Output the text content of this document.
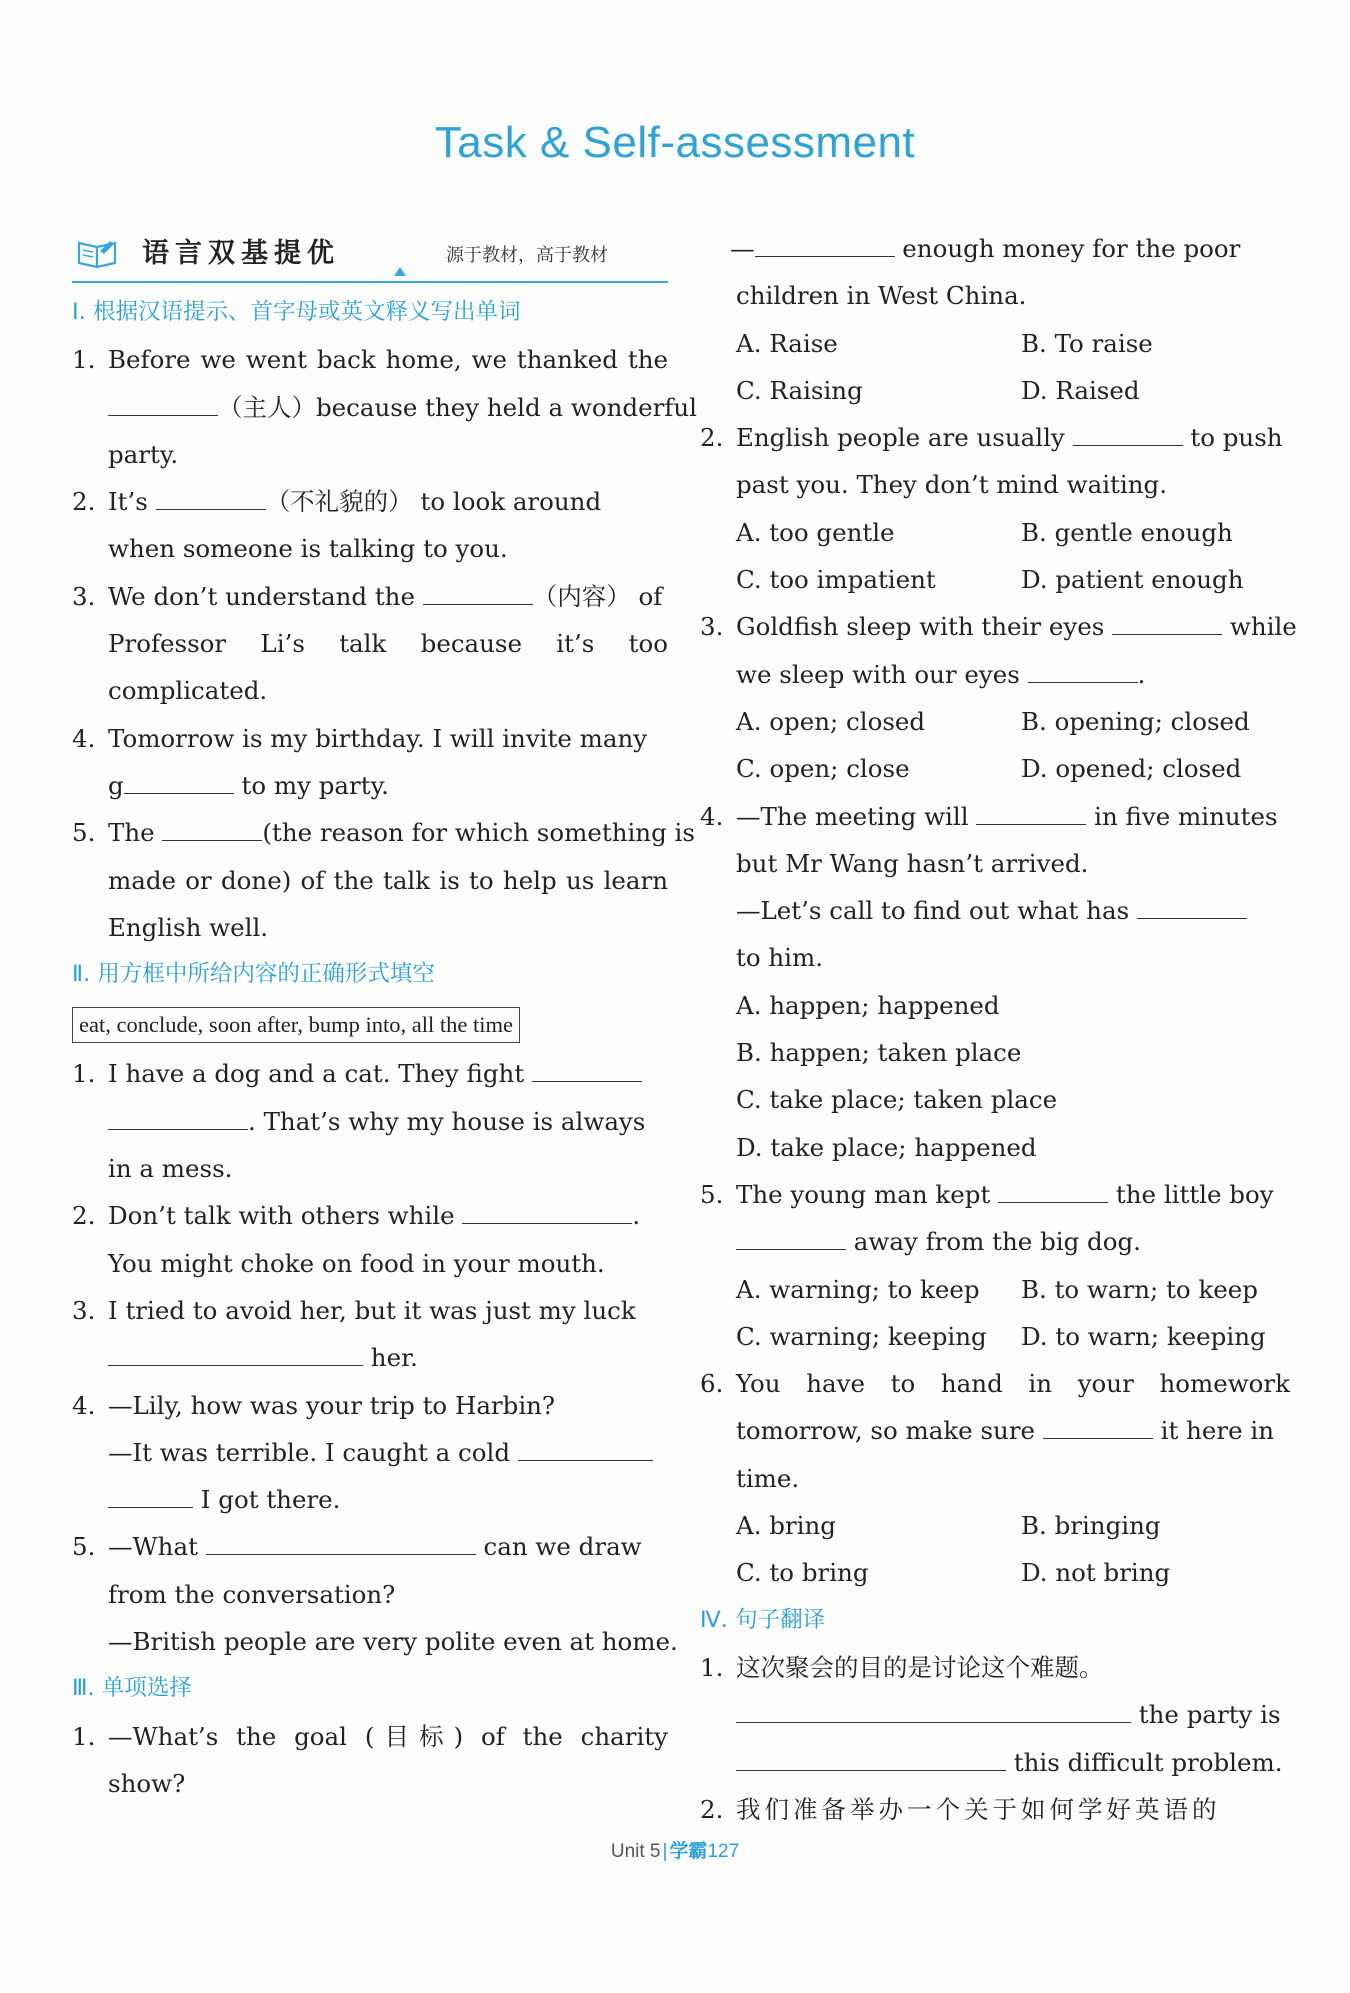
Task & Self-assessment
语言双基提优	源于教材，高于教材
Ⅰ. 根据汉语提示、首字母或英文释义写出单词
1. Before we went back home, we thanked the
（主人）because they held a wonderful
party.
2. It’s	（不礼貌的） to look around
when someone is talking to you.
3. We don’t understand the	（内容） of
Professor Li’s talk because it’s too
complicated.
4. Tomorrow is my birthday. I will invite many
g	to my party.
5. The	(the reason for which something is
made or done) of the talk is to help us learn
English well.
Ⅱ. 用方框中所给内容的正确形式填空
eat, conclude, soon after, bump into, all the time
1. I have a dog and a cat. They fight
. That’s why my house is always
in a mess.
2. Don’t talk with others while	.
You might choke on food in your mouth.
3. I tried to avoid her, but it was just my luck
her.
4. —Lily, how was your trip to Harbin?
—It was terrible. I caught a cold
I got there.
5. —What	can we draw
from the conversation?
—British people are very polite even at home.
Ⅲ. 单项选择
1. —What’s the goal (目标) of the charity
show?
—	enough money for the poor
children in West China.
A. Raise	B. To raise
C. Raising	D. Raised
2. English people are usually	to push
past you. They don’t mind waiting.
A. too gentle	B. gentle enough
C. too impatient	D. patient enough
3. Goldfish sleep with their eyes	while
we sleep with our eyes	.
A. open; closed	B. opening; closed
C. open; close	D. opened; closed
4. —The meeting will	in five minutes
but Mr Wang hasn’t arrived.
—Let’s call to find out what has
to him.
A. happen; happened
B. happen; taken place
C. take place; taken place
D. take place; happened
5. The young man kept	the little boy
away from the big dog.
A. warning; to keep B. to warn; to keep
C. warning; keeping D. to warn; keeping
6. You have to hand in your homework
tomorrow, so make sure	it here in
time.
A. bring	B. bringing
C. to bring	D. not bring
Ⅳ. 句子翻译
1. 这次聚会的目的是讨论这个难题。
the party is
this difficult problem.
2. 我们准备举办一个关于如何学好英语的
Unit 5 | 学霸127
